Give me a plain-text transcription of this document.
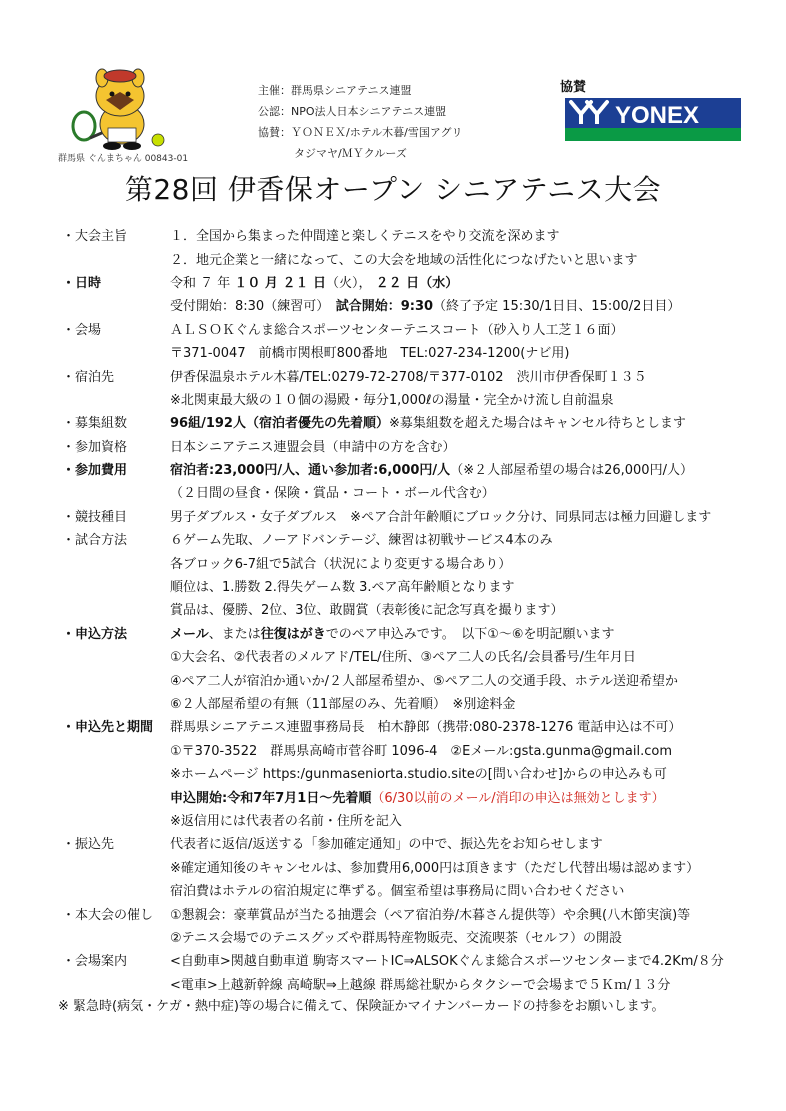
群馬県 ぐんまちゃん 00843-01
主催：群馬県シニアテニス連盟
公認：NPO法人日本シニアテニス連盟
協賛：ＹＯＮＥＸ/ホテル木暮/雪国アグリ
タジマヤ/ＭＹクルーズ
協賛
YONEX
第28回 伊香保オープン シニアテニス大会
・大会主旨	１．全国から集まった仲間達と楽しくテニスをやり交流を深めます
２．地元企業と一緒になって、この大会を地域の活性化につなげたいと思います
・日時	令和 ７ 年 １０ 月 ２１ 日（火）， ２２ 日（水）
受付開始：8:30（練習可）　試合開始：9:30（終了予定 15:30/1日目、15:00/2日目）
・会場	ＡＬＳＯＫぐんま総合スポーツセンターテニスコート（砂入り人工芝１６面）
〒371-0047　前橋市関根町800番地　TEL:027-234-1200(ナビ用)
・宿泊先	伊香保温泉ホテル木暮/TEL:0279-72-2708/〒377-0102　渋川市伊香保町１３５
※北関東最大級の１０個の湯殿・毎分1,000ℓの湯量・完全かけ流し自前温泉
・募集組数	96組/192人（宿泊者優先の先着順）※募集組数を超えた場合はキャンセル待ちとします
・参加資格	日本シニアテニス連盟会員（申請中の方を含む）
・参加費用	宿泊者:23,000円/人、通い参加者:6,000円/人（※２人部屋希望の場合は26,000円/人）
（２日間の昼食・保険・賞品・コート・ボール代含む）
・競技種目	男子ダブルス・女子ダブルス　※ペア合計年齢順にブロック分け、同県同志は極力回避します
・試合方法	６ゲーム先取、ノーアドバンテージ、練習は初戦サービス4本のみ
各ブロック6-7組で5試合（状況により変更する場合あり）
順位は、1.勝数 2.得失ゲーム数 3.ペア高年齢順となります
賞品は、優勝、2位、3位、敢闘賞（表彰後に記念写真を撮ります）
・申込方法	メール、または往復はがきでのペア申込みです。　以下①～⑥を明記願います
①大会名、②代表者のメルアド/TEL/住所、③ペア二人の氏名/会員番号/生年月日
④ペア二人が宿泊か通いか/２人部屋希望か、⑤ペア二人の交通手段、ホテル送迎希望か
⑥２人部屋希望の有無（11部屋のみ、先着順）　※別途料金
・申込先と期間	群馬県シニアテニス連盟事務局長　柏木静郎（携帯:080-2378-1276 電話申込は不可）
①〒370-3522　群馬県高崎市菅谷町 1096-4　②Eメール:gsta.gunma@gmail.com
※ホームページ https:/gunmaseniorta.studio.siteの[問い合わせ]からの申込みも可
申込開始:令和7年7月1日～先着順（6/30以前のメール/消印の申込は無効とします）
※返信用には代表者の名前・住所を記入
・振込先	代表者に返信/返送する「参加確定通知」の中で、振込先をお知らせします
※確定通知後のキャンセルは、参加費用6,000円は頂きます（ただし代替出場は認めます）
宿泊費はホテルの宿泊規定に準ずる。個室希望は事務局に問い合わせください
・本大会の催し	①懇親会：豪華賞品が当たる抽選会（ペア宿泊券/木暮さん提供等）や余興(八木節実演)等
②テニス会場でのテニスグッズや群馬特産物販売、交流喫茶（セルフ）の開設
・会場案内	<自動車>関越自動車道 駒寄スマートIC⇒ALSOKぐんま総合スポーツセンターまで4.2Km/８分
<電車>上越新幹線 高崎駅⇒上越線 群馬総社駅からタクシーで会場まで５Ｋｍ/１３分
※ 緊急時(病気・ケガ・熱中症)等の場合に備えて、保険証かマイナンバーカードの持参をお願いします。
